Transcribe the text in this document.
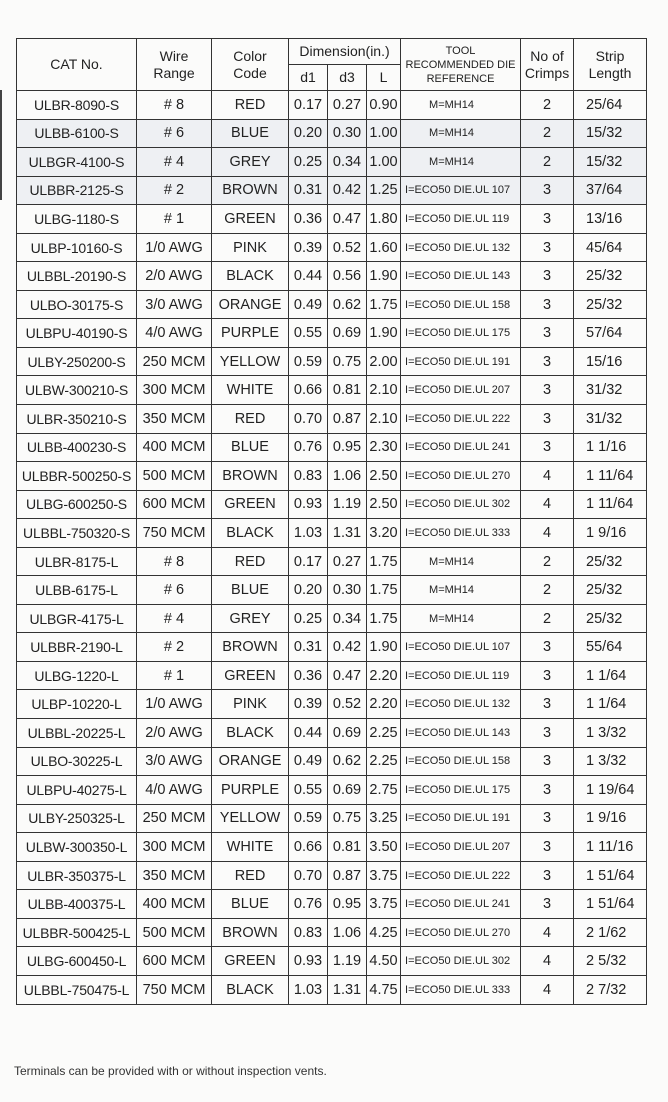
CAT No.	Wire Range	Color Code	Dimension(in.)			TOOL RECOMMENDED DIE REFERENCE	No of Crimps	Strip Length

			d1	d3	L			
ULBR-8090-S	# 8	RED	0.17	0.27	0.90	M=MH14	2	25/64
ULBB-6100-S	# 6	BLUE	0.20	0.30	1.00	M=MH14	2	15/32
ULBGR-4100-S	# 4	GREY	0.25	0.34	1.00	M=MH14	2	15/32
ULBBR-2125-S	# 2	BROWN	0.31	0.42	1.25	I=ECO50 DIE.UL 107	3	37/64
ULBG-1180-S	# 1	GREEN	0.36	0.47	1.80	I=ECO50 DIE.UL 119	3	13/16
ULBP-10160-S	1/0 AWG	PINK	0.39	0.52	1.60	I=ECO50 DIE.UL 132	3	45/64
ULBBL-20190-S	2/0 AWG	BLACK	0.44	0.56	1.90	I=ECO50 DIE.UL 143	3	25/32
ULBO-30175-S	3/0 AWG	ORANGE	0.49	0.62	1.75	I=ECO50 DIE.UL 158	3	25/32
ULBPU-40190-S	4/0 AWG	PURPLE	0.55	0.69	1.90	I=ECO50 DIE.UL 175	3	57/64
ULBY-250200-S	250 MCM	YELLOW	0.59	0.75	2.00	I=ECO50 DIE.UL 191	3	15/16
ULBW-300210-S	300 MCM	WHITE	0.66	0.81	2.10	I=ECO50 DIE.UL 207	3	31/32
ULBR-350210-S	350 MCM	RED	0.70	0.87	2.10	I=ECO50 DIE.UL 222	3	31/32
ULBB-400230-S	400 MCM	BLUE	0.76	0.95	2.30	I=ECO50 DIE.UL 241	3	1 1/16
ULBBR-500250-S	500 MCM	BROWN	0.83	1.06	2.50	I=ECO50 DIE.UL 270	4	1 11/64
ULBG-600250-S	600 MCM	GREEN	0.93	1.19	2.50	I=ECO50 DIE.UL 302	4	1 11/64
ULBBL-750320-S	750 MCM	BLACK	1.03	1.31	3.20	I=ECO50 DIE.UL 333	4	1 9/16
ULBR-8175-L	# 8	RED	0.17	0.27	1.75	M=MH14	2	25/32
ULBB-6175-L	# 6	BLUE	0.20	0.30	1.75	M=MH14	2	25/32
ULBGR-4175-L	# 4	GREY	0.25	0.34	1.75	M=MH14	2	25/32
ULBBR-2190-L	# 2	BROWN	0.31	0.42	1.90	I=ECO50 DIE.UL 107	3	55/64
ULBG-1220-L	# 1	GREEN	0.36	0.47	2.20	I=ECO50 DIE.UL 119	3	1 1/64
ULBP-10220-L	1/0 AWG	PINK	0.39	0.52	2.20	I=ECO50 DIE.UL 132	3	1 1/64
ULBBL-20225-L	2/0 AWG	BLACK	0.44	0.69	2.25	I=ECO50 DIE.UL 143	3	1 3/32
ULBO-30225-L	3/0 AWG	ORANGE	0.49	0.62	2.25	I=ECO50 DIE.UL 158	3	1 3/32
ULBPU-40275-L	4/0 AWG	PURPLE	0.55	0.69	2.75	I=ECO50 DIE.UL 175	3	1 19/64
ULBY-250325-L	250 MCM	YELLOW	0.59	0.75	3.25	I=ECO50 DIE.UL 191	3	1 9/16
ULBW-300350-L	300 MCM	WHITE	0.66	0.81	3.50	I=ECO50 DIE.UL 207	3	1 11/16
ULBR-350375-L	350 MCM	RED	0.70	0.87	3.75	I=ECO50 DIE.UL 222	3	1 51/64
ULBB-400375-L	400 MCM	BLUE	0.76	0.95	3.75	I=ECO50 DIE.UL 241	3	1 51/64
ULBBR-500425-L	500 MCM	BROWN	0.83	1.06	4.25	I=ECO50 DIE.UL 270	4	2 1/62
ULBG-600450-L	600 MCM	GREEN	0.93	1.19	4.50	I=ECO50 DIE.UL 302	4	2 5/32
ULBBL-750475-L	750 MCM	BLACK	1.03	1.31	4.75	I=ECO50 DIE.UL 333	4	2 7/32
Terminals can be provided with or without inspection vents.
